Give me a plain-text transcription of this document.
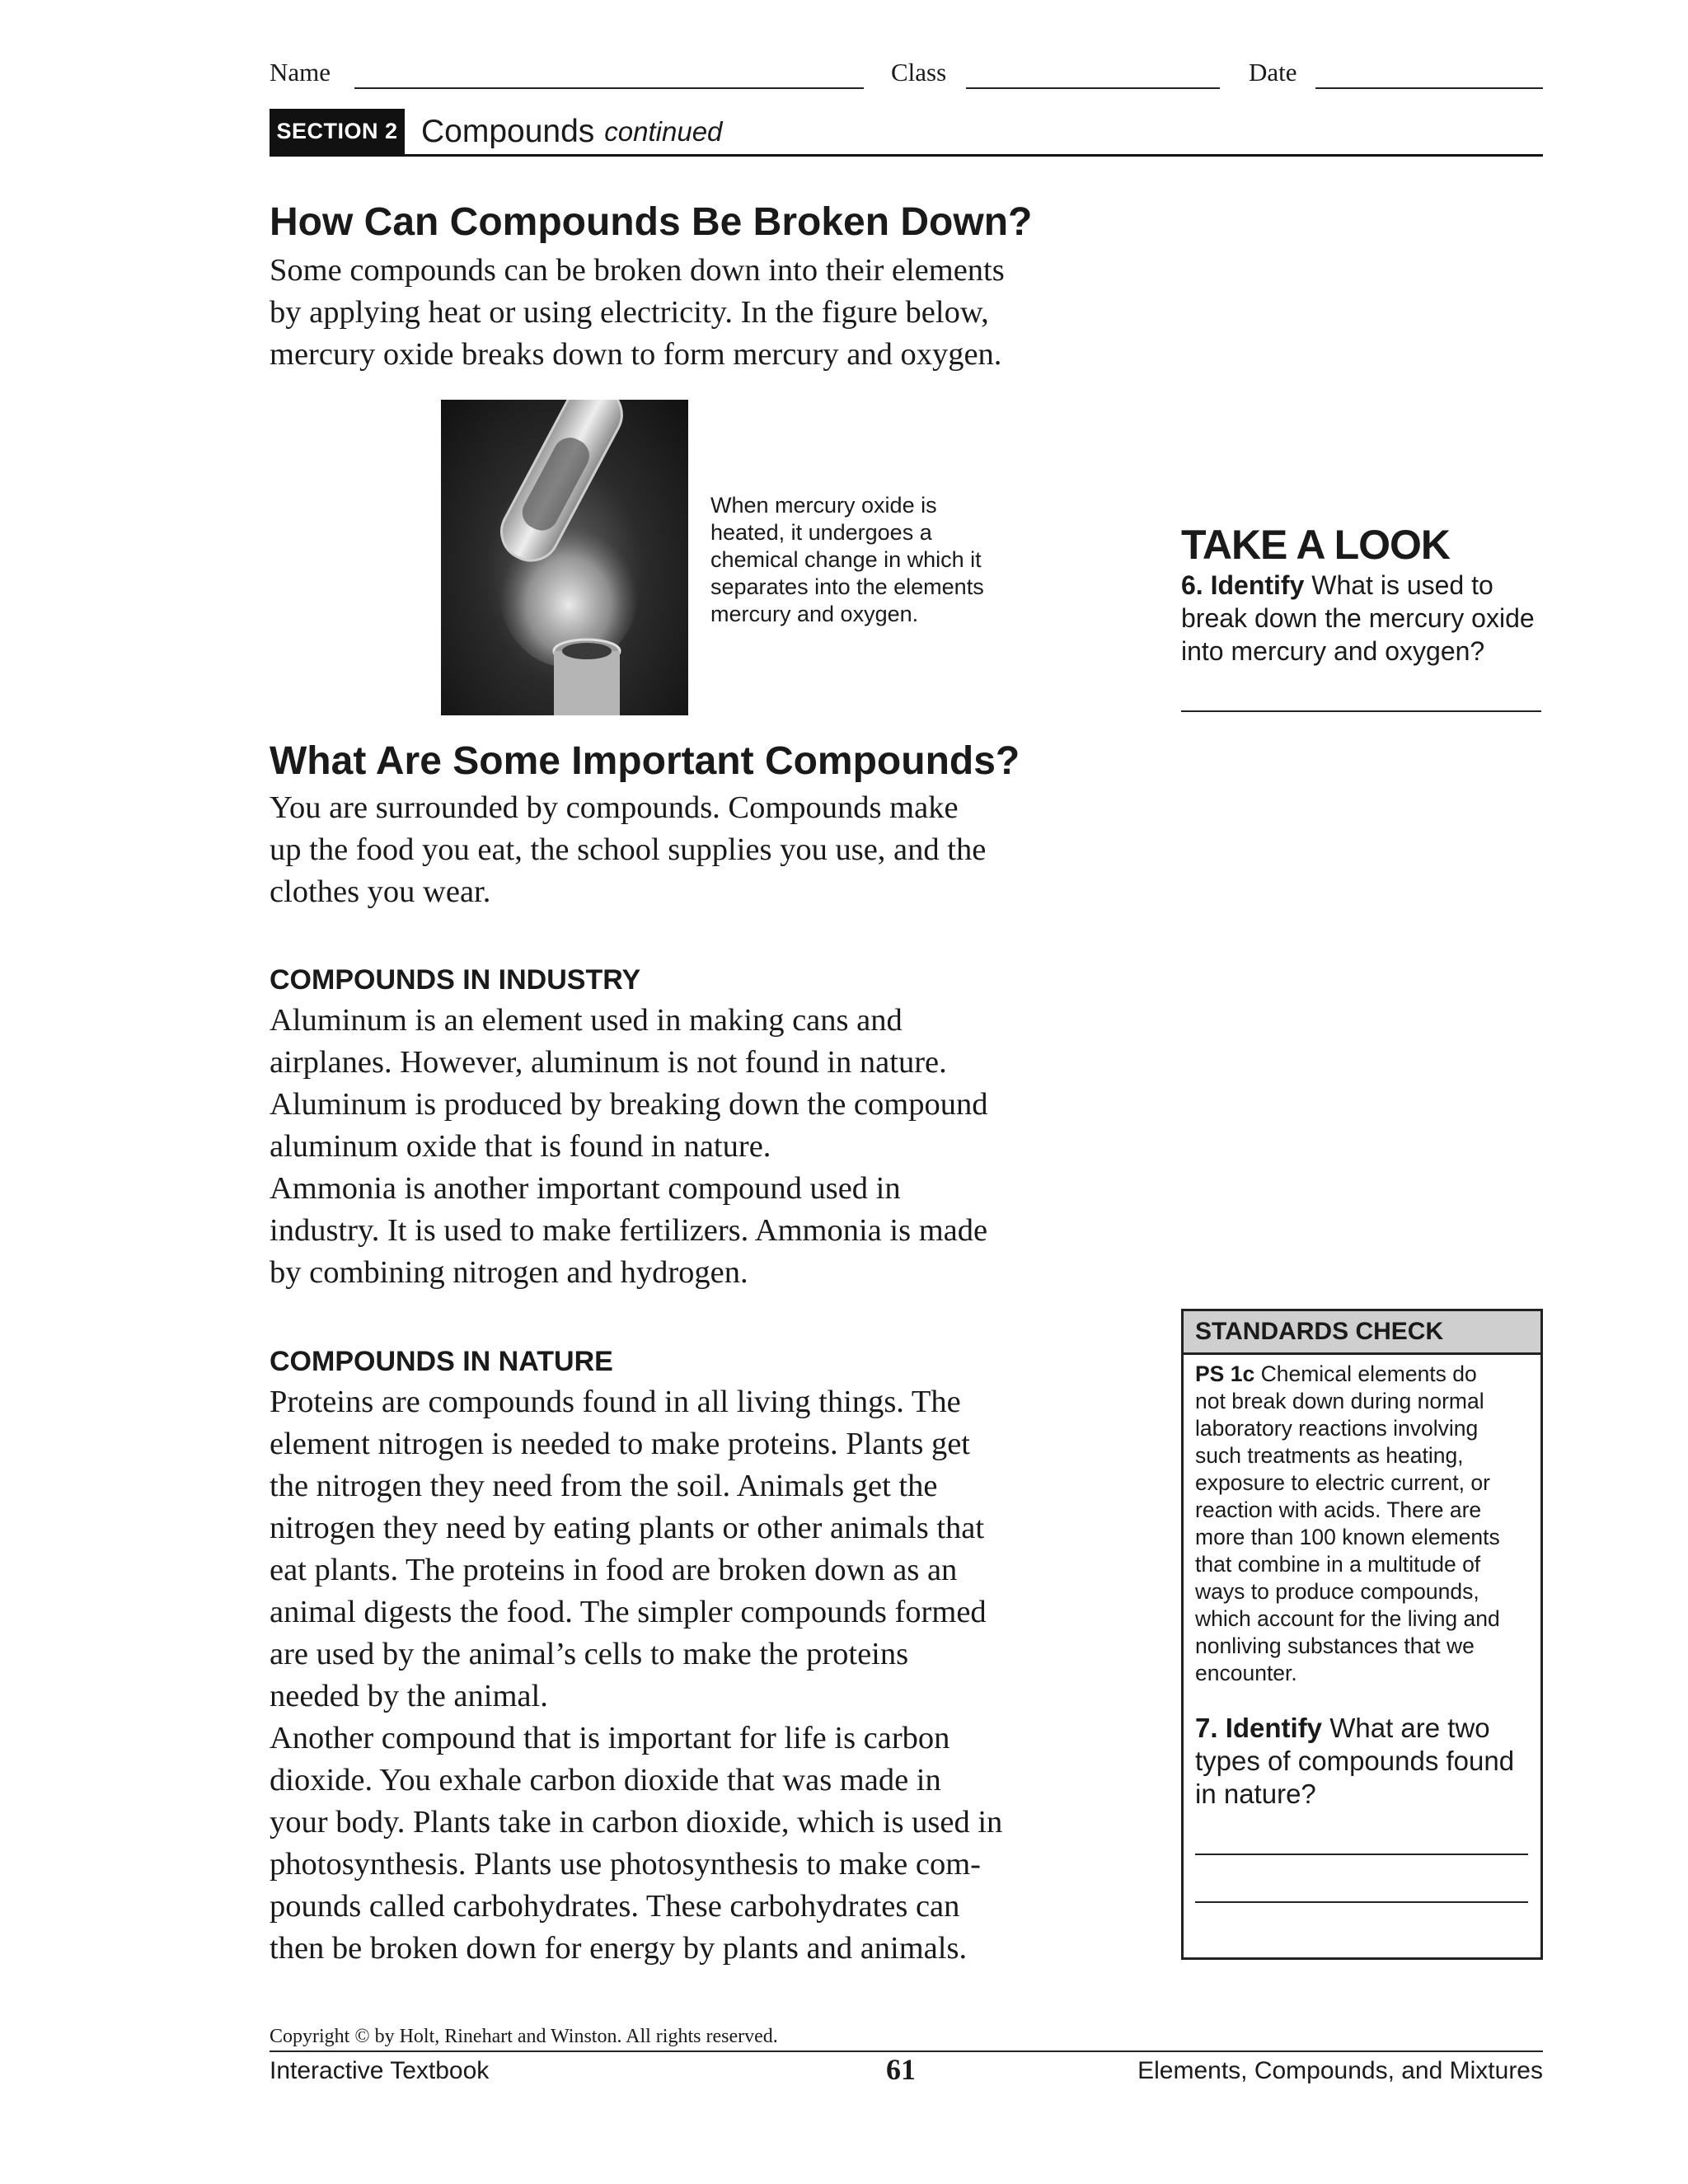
Name	Class	Date
SECTION 2 Compounds continued
How Can Compounds Be Broken Down?

Some compounds can be broken down into their elements
by applying heat or using electricity. In the figure below,
mercury oxide breaks down to form mercury and oxygen.

When mercury oxide is
heated, it undergoes a
chemical change in which it
separates into the elements
mercury and oxygen.

What Are Some Important Compounds?

You are surrounded by compounds. Compounds make
up the food you eat, the school supplies you use, and the
clothes you wear.

COMPOUNDS IN INDUSTRY

Aluminum is an element used in making cans and
airplanes. However, aluminum is not found in nature.
Aluminum is produced by breaking down the compound
aluminum oxide that is found in nature.
Ammonia is another important compound used in
industry. It is used to make fertilizers. Ammonia is made
by combining nitrogen and hydrogen.

COMPOUNDS IN NATURE

Proteins are compounds found in all living things. The
element nitrogen is needed to make proteins. Plants get
the nitrogen they need from the soil. Animals get the
nitrogen they need by eating plants or other animals that
eat plants. The proteins in food are broken down as an
animal digests the food. The simpler compounds formed
are used by the animal’s cells to make the proteins
needed by the animal.
Another compound that is important for life is carbon
dioxide. You exhale carbon dioxide that was made in
your body. Plants take in carbon dioxide, which is used in
photosynthesis. Plants use photosynthesis to make com-
pounds called carbohydrates. These carbohydrates can
then be broken down for energy by plants and animals.

TAKE A LOOK

6. Identify What is used to
break down the mercury oxide
into mercury and oxygen?

STANDARDS CHECK

PS 1c Chemical elements do
not break down during normal
laboratory reactions involving
such treatments as heating,
exposure to electric current, or
reaction with acids. There are
more than 100 known elements
that combine in a multitude of
ways to produce compounds,
which account for the living and
nonliving substances that we
encounter.

7. Identify What are two
types of compounds found
in nature?

Copyright © by Holt, Rinehart and Winston. All rights reserved.
Interactive Textbook	61	Elements, Compounds, and Mixtures
